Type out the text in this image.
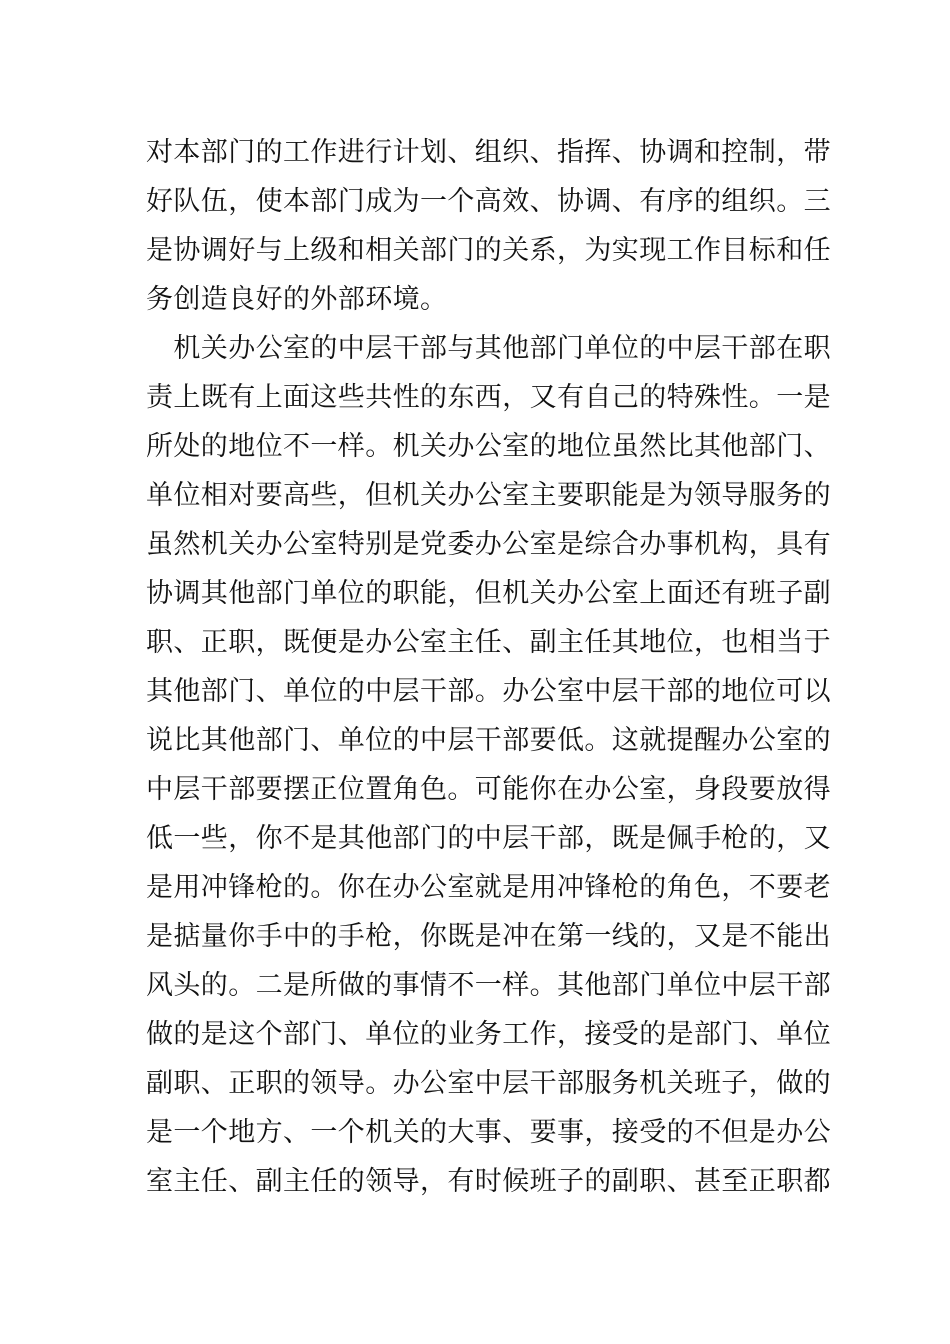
对本部门的工作进行计划、组织、指挥、协调和控制，带
好队伍，使本部门成为一个高效、协调、有序的组织。三
是协调好与上级和相关部门的关系，为实现工作目标和任
务创造良好的外部环境。
　机关办公室的中层干部与其他部门单位的中层干部在职
责上既有上面这些共性的东西，又有自己的特殊性。一是
所处的地位不一样。机关办公室的地位虽然比其他部门、
单位相对要高些，但机关办公室主要职能是为领导服务的
虽然机关办公室特别是党委办公室是综合办事机构，具有
协调其他部门单位的职能，但机关办公室上面还有班子副
职、正职，既便是办公室主任、副主任其地位，也相当于
其他部门、单位的中层干部。办公室中层干部的地位可以
说比其他部门、单位的中层干部要低。这就提醒办公室的
中层干部要摆正位置角色。可能你在办公室，身段要放得
低一些，你不是其他部门的中层干部，既是佩手枪的，又
是用冲锋枪的。你在办公室就是用冲锋枪的角色，不要老
是掂量你手中的手枪，你既是冲在第一线的，又是不能出
风头的。二是所做的事情不一样。其他部门单位中层干部
做的是这个部门、单位的业务工作，接受的是部门、单位
副职、正职的领导。办公室中层干部服务机关班子，做的
是一个地方、一个机关的大事、要事，接受的不但是办公
室主任、副主任的领导，有时候班子的副职、甚至正职都
